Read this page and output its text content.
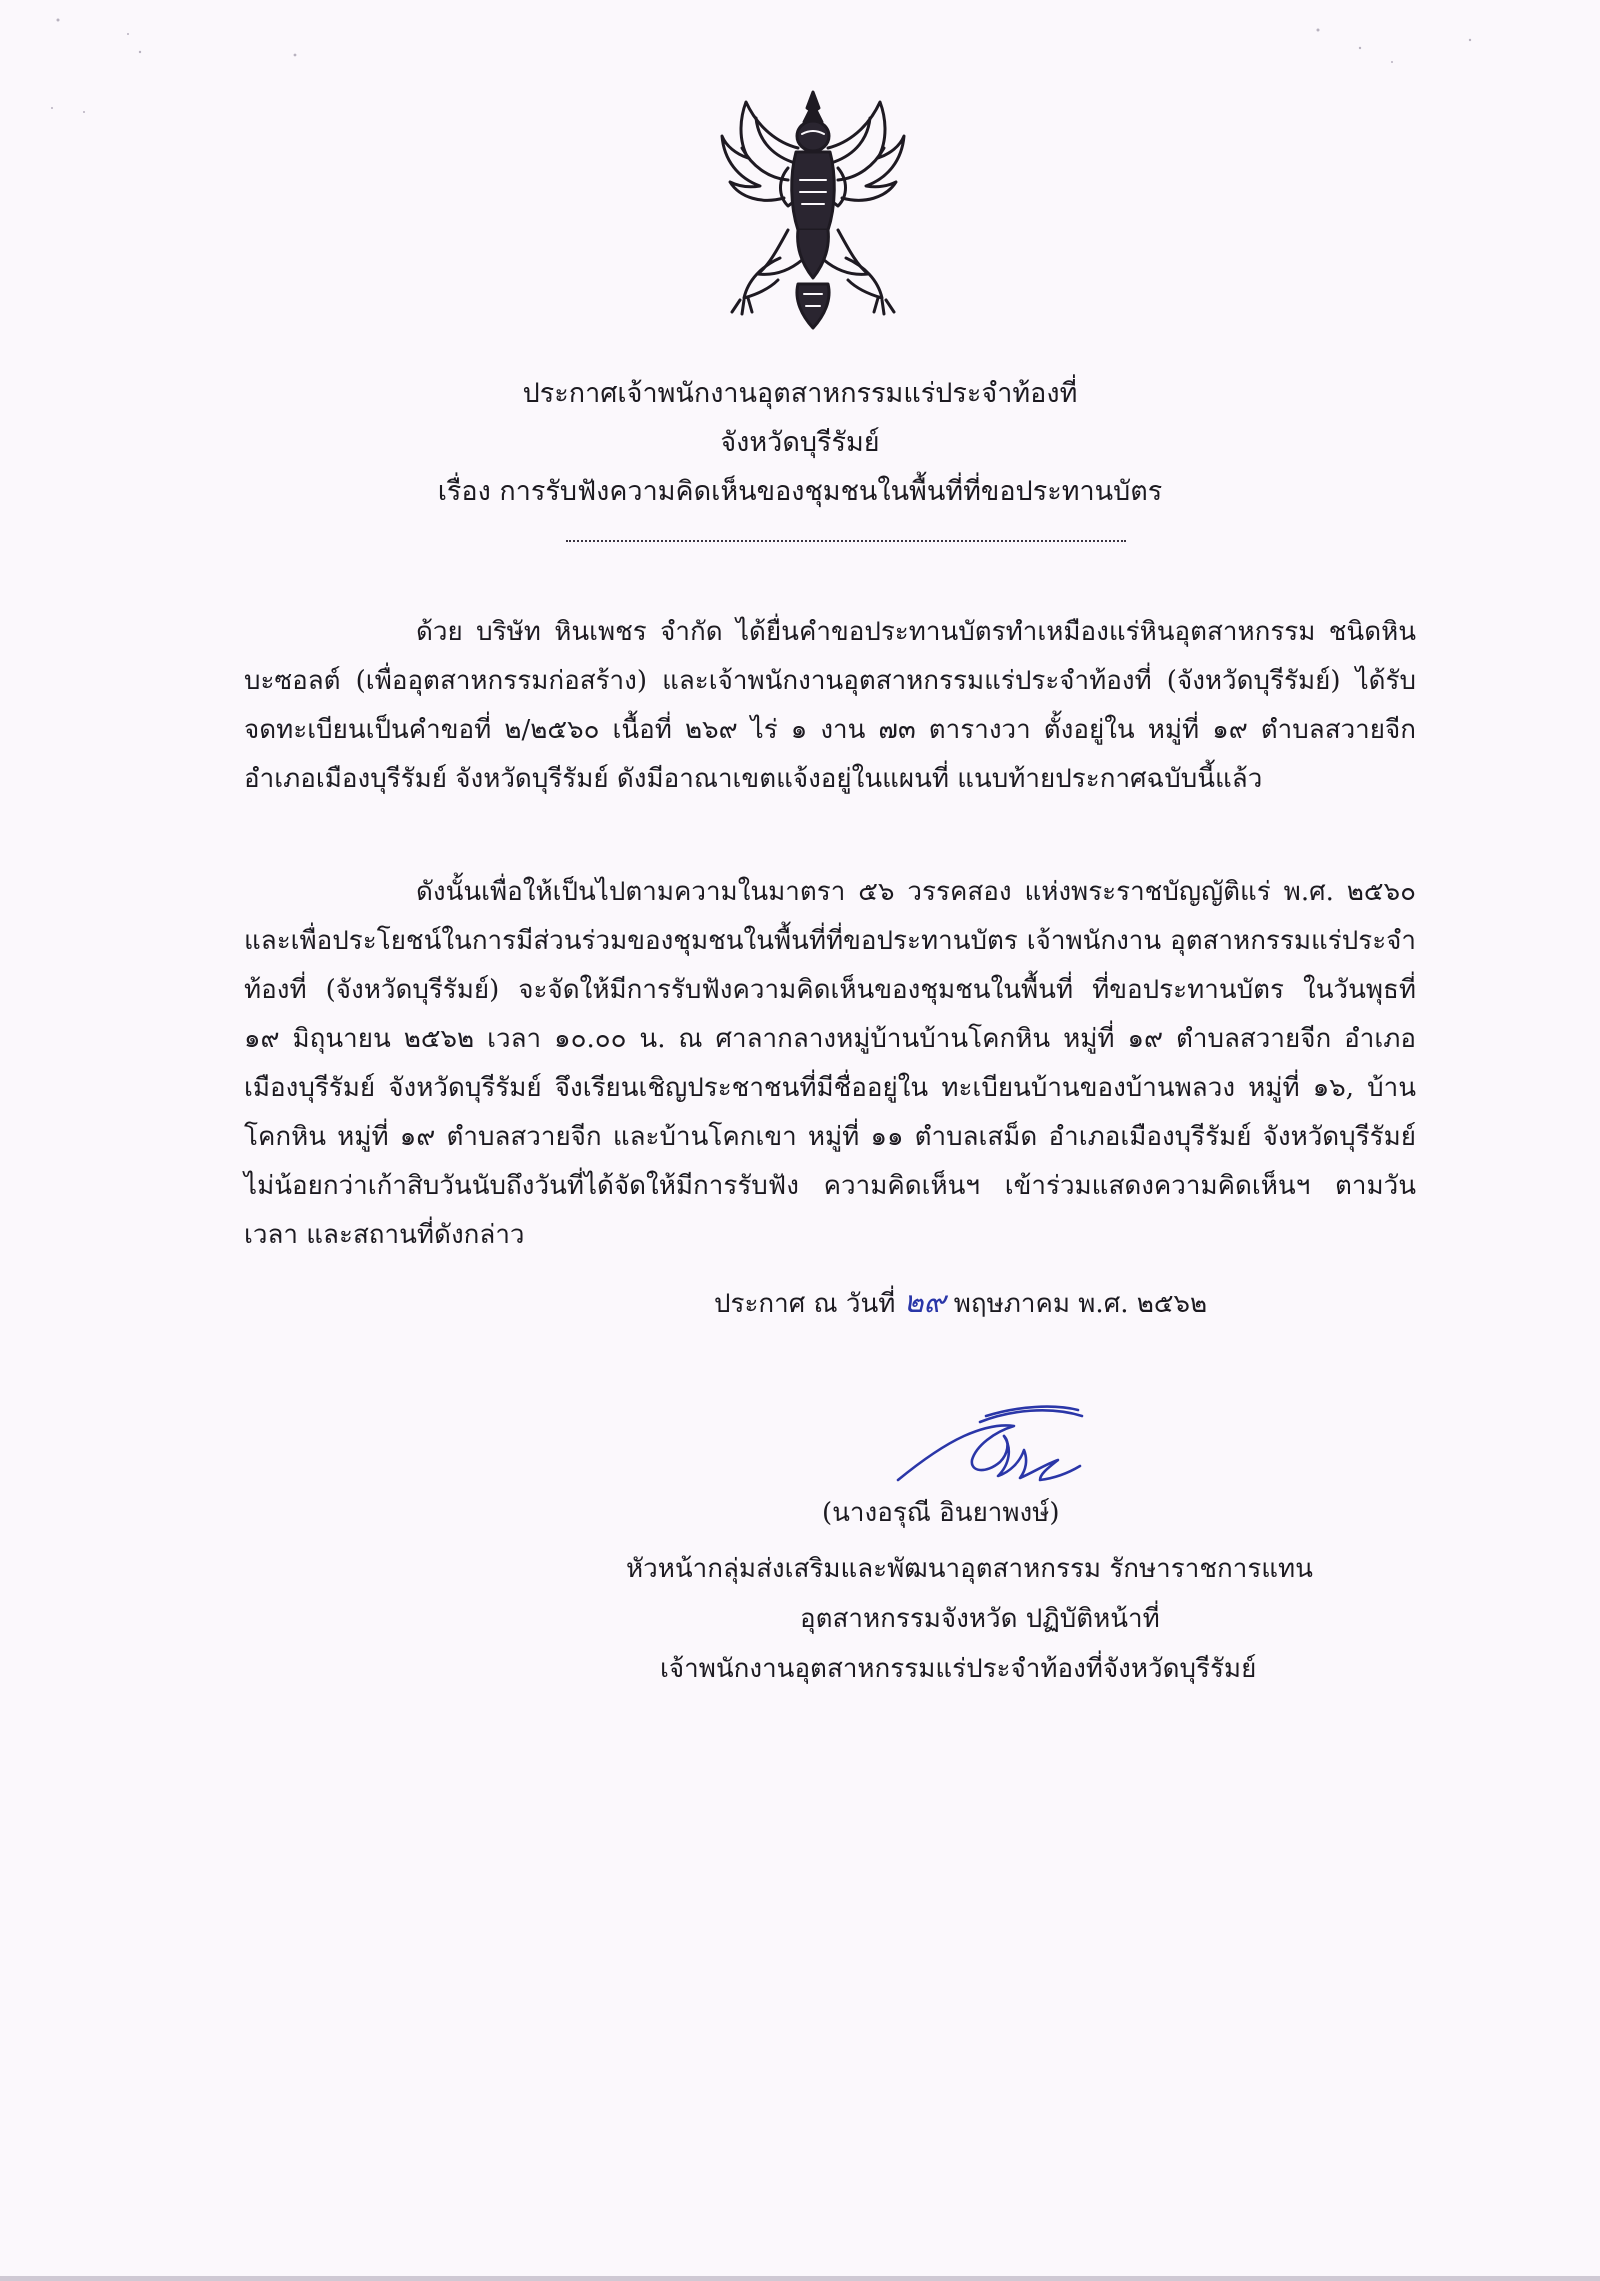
ประกาศเจ้าพนักงานอุตสาหกรรมแร่ประจำท้องที่
จังหวัดบุรีรัมย์
เรื่อง การรับฟังความคิดเห็นของชุมชนในพื้นที่ที่ขอประทานบัตร
ด้วย บริษัท หินเพชร จำกัด ได้ยื่นคำขอประทานบัตรทำเหมืองแร่หินอุตสาหกรรม ชนิดหินบะซอลต์ (เพื่ออุตสาหกรรมก่อสร้าง) และเจ้าพนักงานอุตสาหกรรมแร่ประจำท้องที่ (จังหวัดบุรีรัมย์) ได้รับจดทะเบียนเป็นคำขอที่ ๒/๒๕๖๐ เนื้อที่ ๒๖๙ ไร่ ๑ งาน ๗๓ ตารางวา ตั้งอยู่ใน หมู่ที่ ๑๙ ตำบลสวายจีก อำเภอเมืองบุรีรัมย์ จังหวัดบุรีรัมย์ ดังมีอาณาเขตแจ้งอยู่ในแผนที่ แนบท้ายประกาศฉบับนี้แล้ว
ดังนั้นเพื่อให้เป็นไปตามความในมาตรา ๕๖ วรรคสอง แห่งพระราชบัญญัติแร่ พ.ศ. ๒๕๖๐ และเพื่อประโยชน์ในการมีส่วนร่วมของชุมชนในพื้นที่ที่ขอประทานบัตร เจ้าพนักงาน อุตสาหกรรมแร่ประจำท้องที่ (จังหวัดบุรีรัมย์) จะจัดให้มีการรับฟังความคิดเห็นของชุมชนในพื้นที่ ที่ขอประทานบัตร ในวันพุธที่ ๑๙ มิถุนายน ๒๕๖๒ เวลา ๑๐.๐๐ น. ณ ศาลากลางหมู่บ้านบ้านโคกหิน หมู่ที่ ๑๙ ตำบลสวายจีก อำเภอเมืองบุรีรัมย์ จังหวัดบุรีรัมย์ จึงเรียนเชิญประชาชนที่มีชื่ออยู่ใน ทะเบียนบ้านของบ้านพลวง หมู่ที่ ๑๖, บ้านโคกหิน หมู่ที่ ๑๙ ตำบลสวายจีก และบ้านโคกเขา หมู่ที่ ๑๑ ตำบลเสม็ด อำเภอเมืองบุรีรัมย์ จังหวัดบุรีรัมย์ ไม่น้อยกว่าเก้าสิบวันนับถึงวันที่ได้จัดให้มีการรับฟัง ความคิดเห็นฯ เข้าร่วมแสดงความคิดเห็นฯ ตามวัน เวลา และสถานที่ดังกล่าว
ประกาศ ณ วันที่ ๒๙ พฤษภาคม พ.ศ. ๒๕๖๒
(นางอรุณี อินยาพงษ์)
หัวหน้ากลุ่มส่งเสริมและพัฒนาอุตสาหกรรม รักษาราชการแทน
อุตสาหกรรมจังหวัด ปฏิบัติหน้าที่
เจ้าพนักงานอุตสาหกรรมแร่ประจำท้องที่จังหวัดบุรีรัมย์
